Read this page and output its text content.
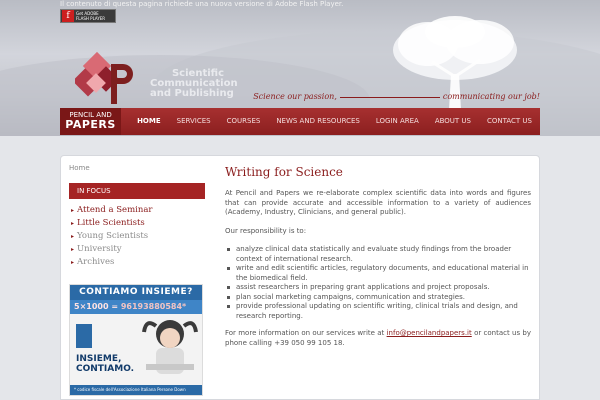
Il contenuto di questa pagina richiede una nuova versione di Adobe Flash Player.
f	Get ADOBE
FLASH PLAYER
Scientific
Communication
and Publishing Science our passion,	communicating our job!
PENCIL AND
PAPERS	HOME	SERVICES	COURSES	NEWS AND RESOURCES	LOGIN AREA	ABOUT US	CONTACT US
Home
IN FOCUS
▸ Attend a Seminar
▸ Little Scientists
▸ Young Scientists
▸ University
▸ Archives
CONTIAMO INSIEME?
5×1000 = 96193880584*
INSIEME,
CONTIAMO.
* codice fiscale dell'Associazione Italiana Persone Down
Writing for Science

At Pencil and Papers we re-elaborate complex scientific data into words and figures that can provide accurate and accessible information to a variety of audiences (Academy, Industry, Clinicians, and general public).

Our responsibility is to:

analyze clinical data statistically and evaluate study findings from the broader context of international research.
write and edit scientific articles, regulatory documents, and educational material in the biomedical field.
assist researchers in preparing grant applications and project proposals.
plan social marketing campaigns, communication and strategies.
provide professional updating on scientific writing, clinical trials and design, and research reporting.

For more information on our services write at info@pencilandpapers.it or contact us by phone calling +39 050 99 105 18.
